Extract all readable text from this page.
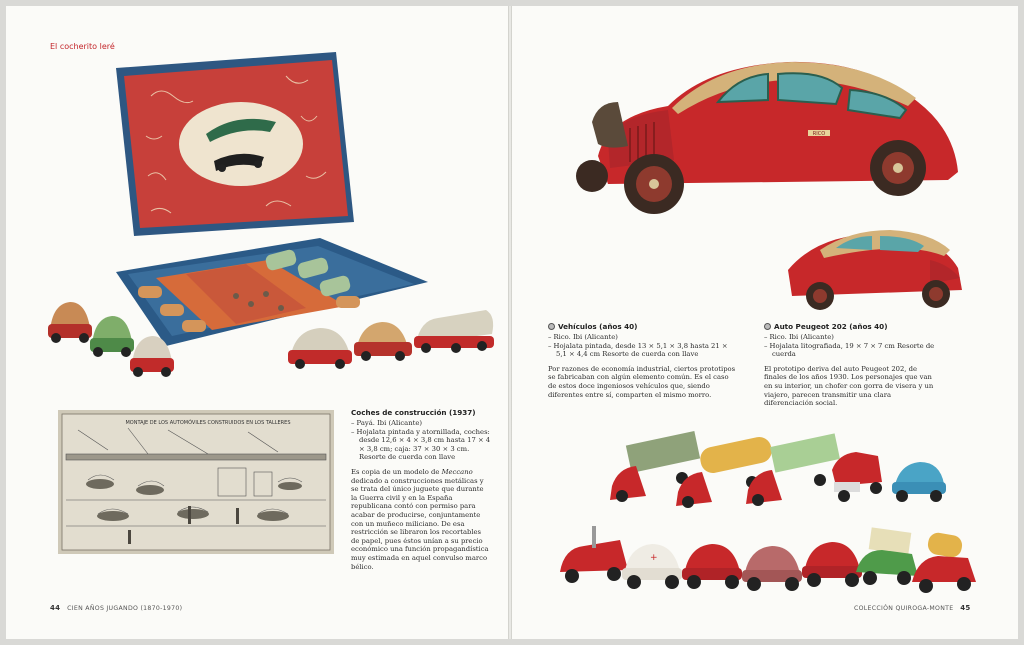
El cocherito leré
MONTAJE DE LOS AUTOMÓVILES CONSTRUIDOS EN LOS TALLERES
Coches de construcción (1937)
– Payá. Ibi (Alicante)
– Hojalata pintada y atornillada, coches: desde 12,6 × 4 × 3,8 cm hasta 17 × 4 × 3,8 cm; caja: 37 × 30 × 3 cm. Resorte de cuerda con llave
Es copia de un modelo de Meccano dedicado a construcciones metálicas y se trata del único juguete que durante la Guerra civil y en la España republicana contó con permiso para acabar de producirse, conjuntamente con un muñeco miliciano. De esa restricción se libraron los recortables de papel, pues éstos unían a su precio económico una función propagandística muy estimada en aquel convulso marco bélico.
44 CIEN AÑOS JUGANDO (1870-1970)
RICO
Vehículos (años 40)
– Rico. Ibi (Alicante)
– Hojalata pintada, desde 13 × 5,1 × 3,8 hasta 21 × 5,1 × 4,4 cm Resorte de cuerda con llave
Por razones de economía industrial, ciertos prototipos se fabricaban con algún elemento común. Es el caso de estos doce ingeniosos vehículos que, siendo diferentes entre sí, comparten el mismo morro.
Auto Peugeot 202 (años 40)
– Rico. Ibi (Alicante)
– Hojalata litografiada, 19 × 7 × 7 cm Resorte de cuerda
El prototipo deriva del auto Peugeot 202, de finales de los años 1930. Los personajes que van en su interior, un chofer con gorra de visera y un viajero, parecen transmitir una clara diferenciación social.
+
COLECCIÓN QUIROGA-MONTE 45
